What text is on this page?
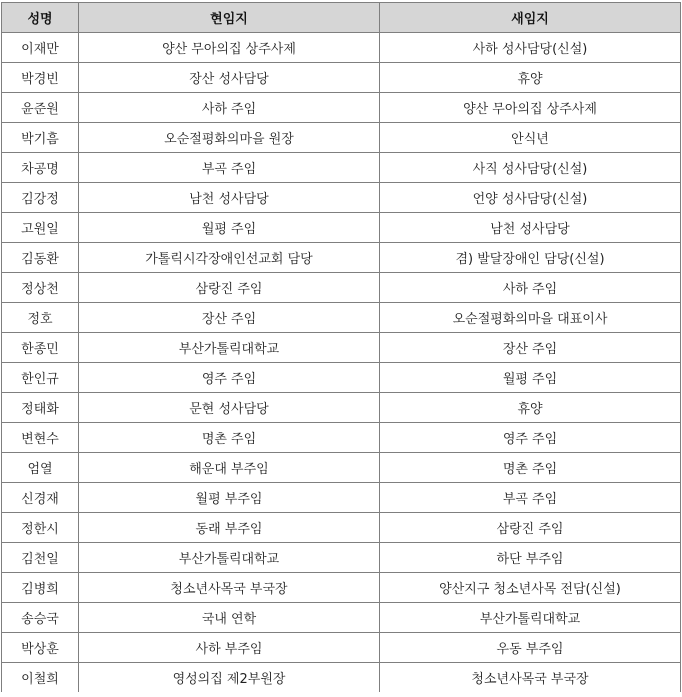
성명	현임지	새임지
이재만	양산 무아의집 상주사제	사하 성사담당(신설)
박경빈	장산 성사담당	휴양
윤준원	사하 주임	양산 무아의집 상주사제
박기흠	오순절평화의마을 원장	안식년
차공명	부곡 주임	사직 성사담당(신설)
김강정	남천 성사담당	언양 성사담당(신설)
고원일	월평 주임	남천 성사담당
김동환	가톨릭시각장애인선교회 담당	겸) 발달장애인 담당(신설)
정상천	삼랑진 주임	사하 주임
정호	장산 주임	오순절평화의마을 대표이사
한종민	부산가톨릭대학교	장산 주임
한인규	영주 주임	월평 주임
정태화	문현 성사담당	휴양
변현수	명촌 주임	영주 주임
엄열	해운대 부주임	명촌 주임
신경재	월평 부주임	부곡 주임
정한시	동래 부주임	삼랑진 주임
김천일	부산가톨릭대학교	하단 부주임
김병희	청소년사목국 부국장	양산지구 청소년사목 전담(신설)
송승국	국내 연학	부산가톨릭대학교
박상훈	사하 부주임	우동 부주임
이철희	영성의집 제2부원장	청소년사목국 부국장
